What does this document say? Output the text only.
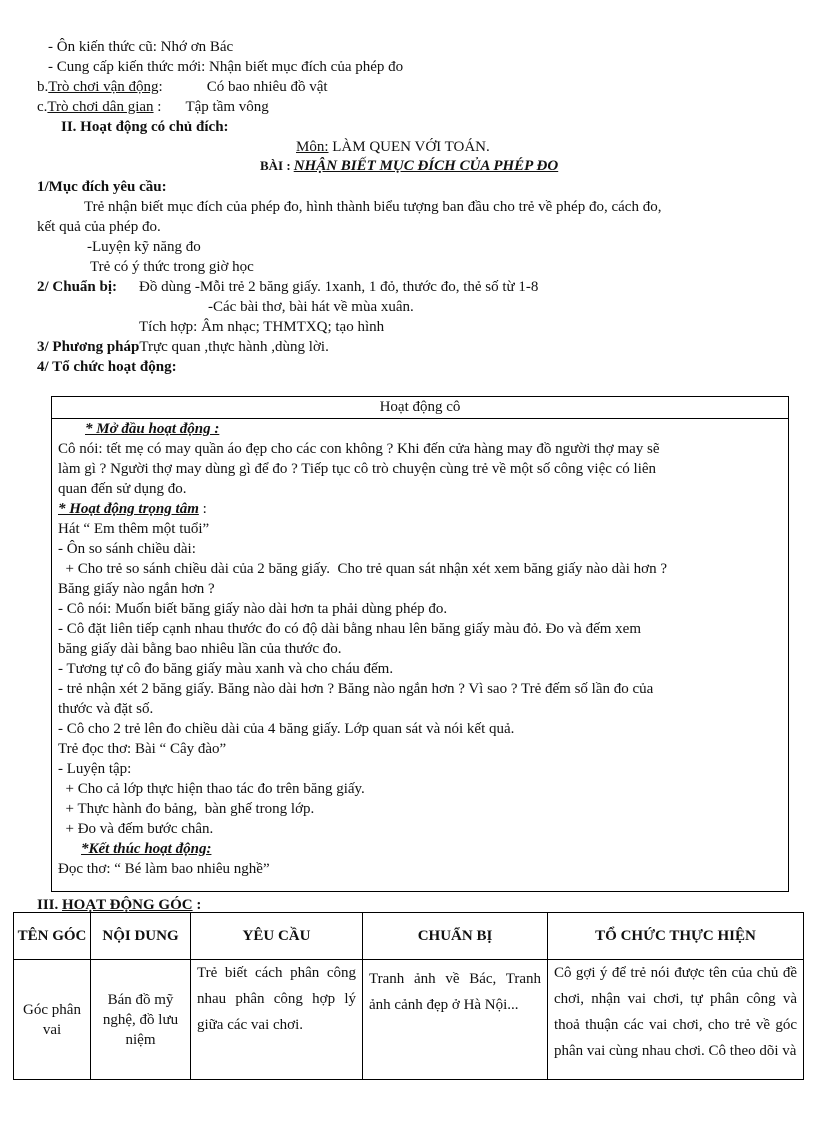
- Ôn kiến thức cũ: Nhớ ơn Bác
- Cung cấp kiến thức mới: Nhận biết mục đích của phép đo
b.Trò chơi vận động:	Có bao nhiêu đồ vật
c.Trò chơi dân gian : Tập tầm vông
II. Hoạt động có chủ đích:
Môn: LÀM QUEN VỚI TOÁN.
BÀI : NHẬN BIẾT MỤC ĐÍCH CỦA PHÉP ĐO
1/Mục đích yêu cầu:
Trẻ nhận biết mục đích của phép đo, hình thành biểu tượng ban đầu cho trẻ về phép đo, cách đo,
kết quả của phép đo.
-Luyện kỹ năng đo
Trẻ có ý thức trong giờ học
2/ Chuẩn bị: Đồ dùng -Mỗi trẻ 2 băng giấy. 1xanh, 1 đỏ, thước đo, thẻ số từ 1-8
-Các bài thơ, bài hát về mùa xuân.
Tích hợp: Âm nhạc; THMTXQ; tạo hình
3/ Phương phápTrực quan ,thực hành ,dùng lời.
4/ Tổ chức hoạt động:
Hoạt động cô
* Mở đầu hoạt động :
Cô nói: tết mẹ có may quần áo đẹp cho các con không ? Khi đến cửa hàng may đồ người thợ may sẽ
làm gì ? Người thợ may dùng gì để đo ? Tiếp tục cô trò chuyện cùng trẻ về một số công việc có liên
quan đến sử dụng đo.
* Hoạt động trọng tâm :
Hát “ Em thêm một tuổi”
- Ôn so sánh chiều dài:
+ Cho trẻ so sánh chiều dài của 2 băng giấy.  Cho trẻ quan sát nhận xét xem băng giấy nào dài hơn ?
Băng giấy nào ngắn hơn ?
- Cô nói: Muốn biết băng giấy nào dài hơn ta phải dùng phép đo.
- Cô đặt liên tiếp cạnh nhau thước đo có độ dài bằng nhau lên băng giấy màu đỏ. Đo và đếm xem
băng giấy dài bằng bao nhiêu lần của thước đo.
- Tương tự cô đo băng giấy màu xanh và cho cháu đếm.
- trẻ nhận xét 2 băng giấy. Băng nào dài hơn ? Băng nào ngắn hơn ? Vì sao ? Trẻ đếm số lần đo của
thước và đặt số.
- Cô cho 2 trẻ lên đo chiều dài của 4 băng giấy. Lớp quan sát và nói kết quả.
Trẻ đọc thơ: Bài “ Cây đào”
- Luyện tập:
+ Cho cả lớp thực hiện thao tác đo trên băng giấy.
+ Thực hành đo bảng,  bàn ghế trong lớp.
+ Đo và đếm bước chân.
*Kết thúc hoạt động:
Đọc thơ: “ Bé làm bao nhiêu nghề”
III. HOẠT ĐỘNG GÓC :
TÊN GÓC	NỘI DUNG	YÊU CẦU	CHUẨN BỊ	TỔ CHỨC THỰC HIỆN
Góc phân vai	Bán đồ mỹ nghệ, đồ lưu niệm	Trẻ biết cách phân công nhau phân công hợp lý giữa các vai chơi.	Tranh ảnh về Bác, Tranh ảnh cảnh đẹp ở Hà Nội...	Cô gợi ý để trẻ nói được tên của chủ đề chơi, nhận vai chơi, tự phân công và thoả thuận các vai chơi, cho trẻ về góc phân vai cùng nhau chơi. Cô theo dõi và
